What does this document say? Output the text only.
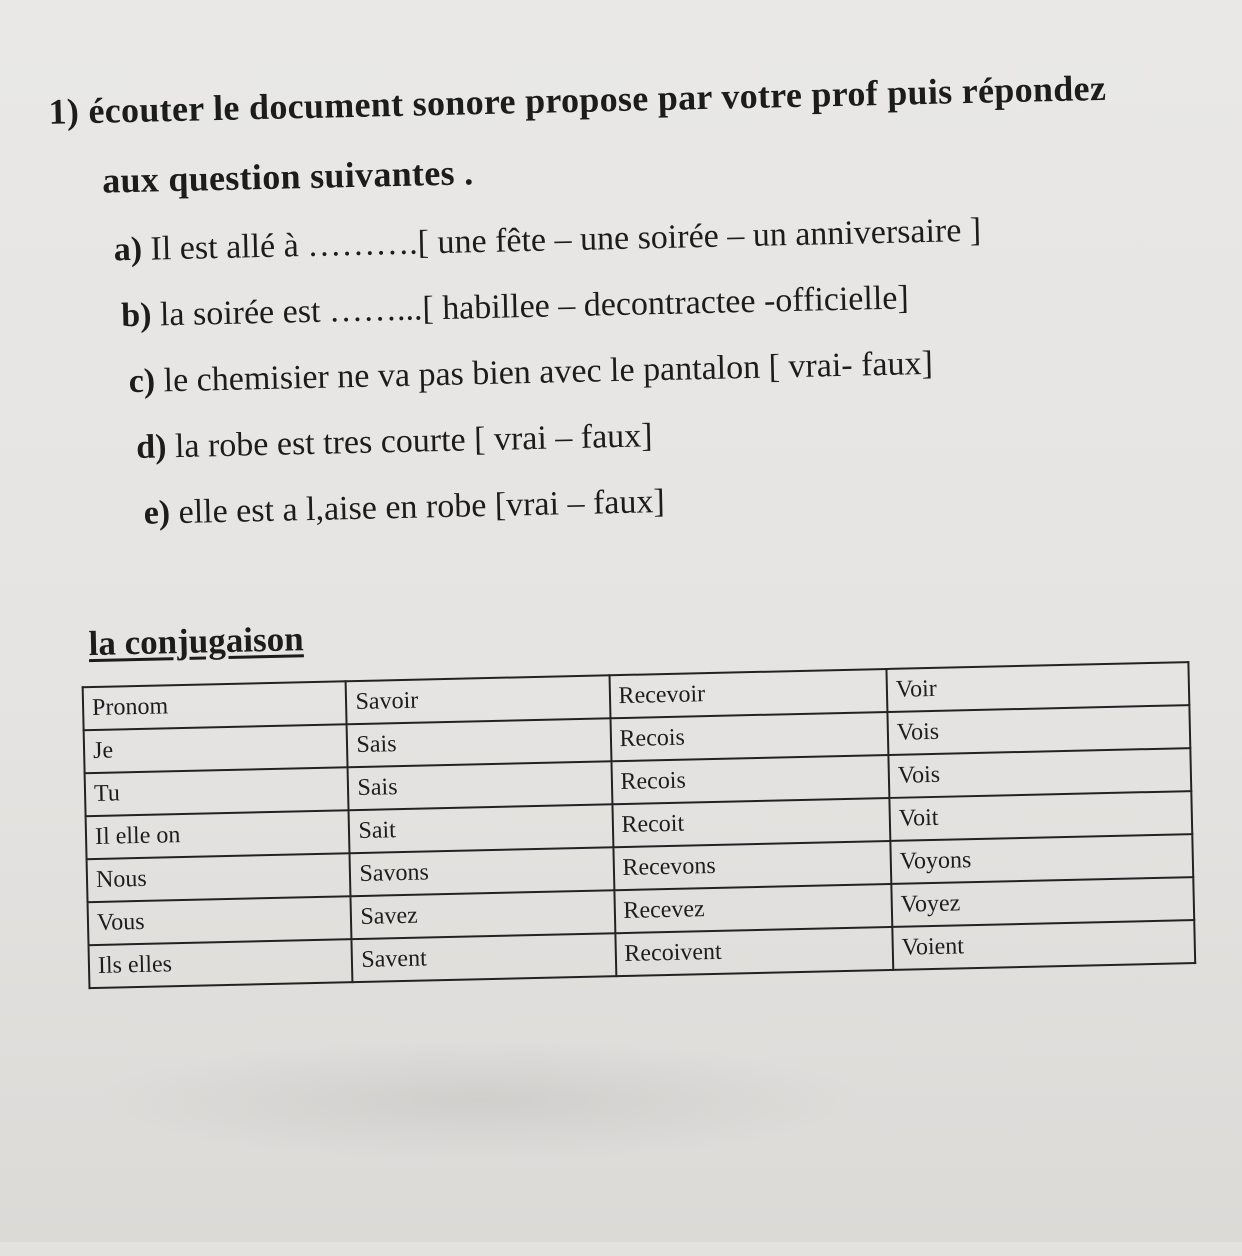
1) écouter le document sonore propose par votre prof puis répondez
aux question suivantes .
a) Il est allé à ……….[ une fête – une soirée – un anniversaire ]
b) la soirée est ……...[ habillee – decontractee -officielle]
c) le chemisier ne va pas bien avec le pantalon [ vrai- faux]
d) la robe est tres courte [ vrai – faux]
e) elle est a l,aise en robe [vrai – faux]
la conjugaison
Pronom	Savoir	Recevoir	Voir
Je	Sais	Recois	Vois
Tu	Sais	Recois	Vois
Il elle on	Sait	Recoit	Voit
Nous	Savons	Recevons	Voyons
Vous	Savez	Recevez	Voyez
Ils elles	Savent	Recoivent	Voient
